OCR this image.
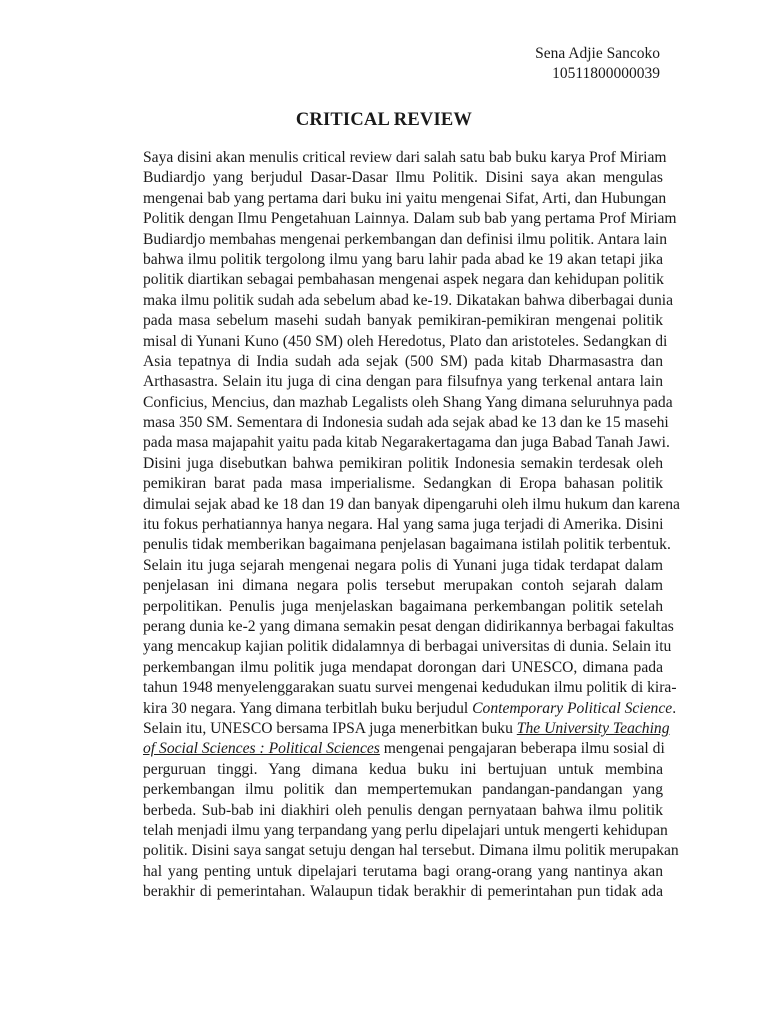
Sena Adjie Sancoko
10511800000039
CRITICAL REVIEW
Saya disini akan menulis critical review dari salah satu bab buku karya Prof Miriam
Budiardjo yang berjudul Dasar-Dasar Ilmu Politik. Disini saya akan mengulas
mengenai bab yang pertama dari buku ini yaitu mengenai Sifat, Arti, dan Hubungan
Politik dengan Ilmu Pengetahuan Lainnya. Dalam sub bab yang pertama Prof Miriam
Budiardjo membahas mengenai perkembangan dan definisi ilmu politik. Antara lain
bahwa ilmu politik tergolong ilmu yang baru lahir pada abad ke 19 akan tetapi jika
politik diartikan sebagai pembahasan mengenai aspek negara dan kehidupan politik
maka ilmu politik sudah ada sebelum abad ke-19. Dikatakan bahwa diberbagai dunia
pada masa sebelum masehi sudah banyak pemikiran-pemikiran mengenai politik
misal di Yunani Kuno (450 SM) oleh Heredotus, Plato dan aristoteles. Sedangkan di
Asia tepatnya di India sudah ada sejak (500 SM) pada kitab Dharmasastra dan
Arthasastra. Selain itu juga di cina dengan para filsufnya yang terkenal antara lain
Conficius, Mencius, dan mazhab Legalists oleh Shang Yang dimana seluruhnya pada
masa 350 SM. Sementara di Indonesia sudah ada sejak abad ke 13 dan ke 15 masehi
pada masa majapahit yaitu pada kitab Negarakertagama dan juga Babad Tanah Jawi.
Disini juga disebutkan bahwa pemikiran politik Indonesia semakin terdesak oleh
pemikiran barat pada masa imperialisme. Sedangkan di Eropa bahasan politik
dimulai sejak abad ke 18 dan 19 dan banyak dipengaruhi oleh ilmu hukum dan karena
itu fokus perhatiannya hanya negara. Hal yang sama juga terjadi di Amerika. Disini
penulis tidak memberikan bagaimana penjelasan bagaimana istilah politik terbentuk.
Selain itu juga sejarah mengenai negara polis di Yunani juga tidak terdapat dalam
penjelasan ini dimana negara polis tersebut merupakan contoh sejarah dalam
perpolitikan. Penulis juga menjelaskan bagaimana perkembangan politik setelah
perang dunia ke-2 yang dimana semakin pesat dengan didirikannya berbagai fakultas
yang mencakup kajian politik didalamnya di berbagai universitas di dunia. Selain itu
perkembangan ilmu politik juga mendapat dorongan dari UNESCO, dimana pada
tahun 1948 menyelenggarakan suatu survei mengenai kedudukan ilmu politik di kira-
kira 30 negara. Yang dimana terbitlah buku berjudul Contemporary Political Science.
Selain itu, UNESCO bersama IPSA juga menerbitkan buku The University Teaching
of Social Sciences : Political Sciences mengenai pengajaran beberapa ilmu sosial di
perguruan tinggi. Yang dimana kedua buku ini bertujuan untuk membina
perkembangan ilmu politik dan mempertemukan pandangan-pandangan yang
berbeda. Sub-bab ini diakhiri oleh penulis dengan pernyataan bahwa ilmu politik
telah menjadi ilmu yang terpandang yang perlu dipelajari untuk mengerti kehidupan
politik. Disini saya sangat setuju dengan hal tersebut. Dimana ilmu politik merupakan
hal yang penting untuk dipelajari terutama bagi orang-orang yang nantinya akan
berakhir di pemerintahan. Walaupun tidak berakhir di pemerintahan pun tidak ada
